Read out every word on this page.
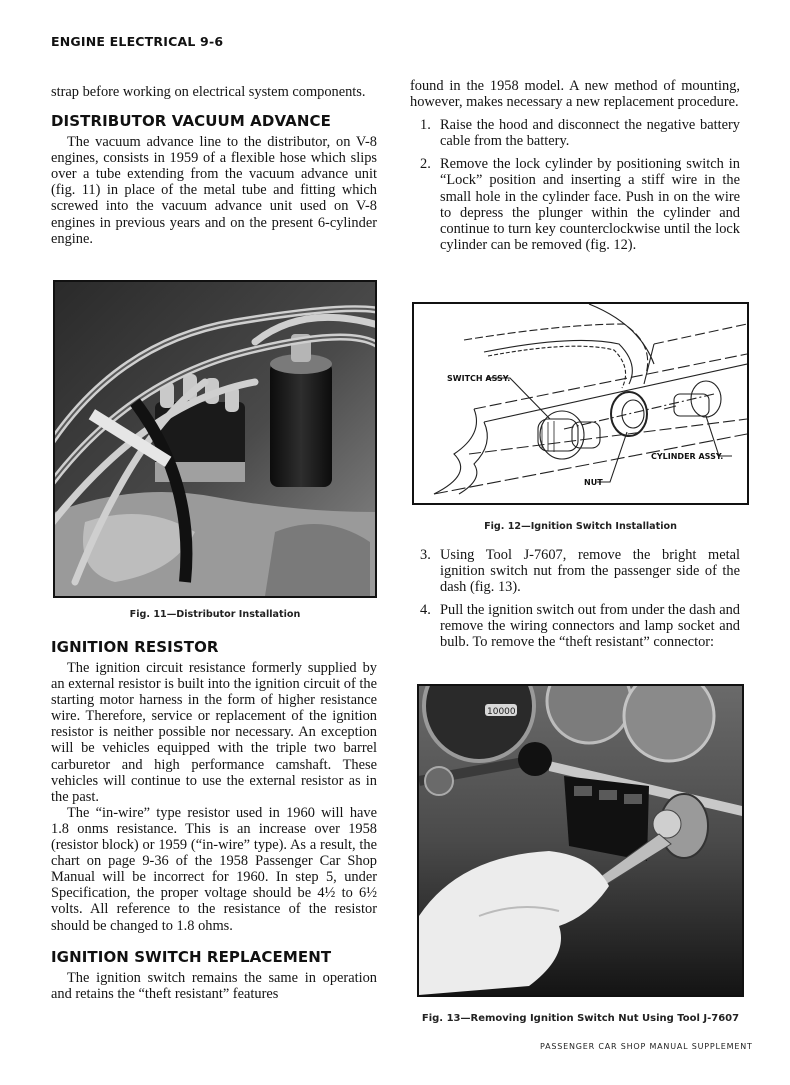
ENGINE ELECTRICAL 9-6

strap before working on electrical system components.

DISTRIBUTOR VACUUM ADVANCE

The vacuum advance line to the distributor, on V-8 engines, consists in 1959 of a flexible hose which slips over a tube extending from the vacuum advance unit (fig. 11) in place of the metal tube and fitting which screwed into the vacuum advance unit used on V-8 engines in previous years and on the present 6-cylinder engine.

Fig. 11—Distributor Installation
IGNITION RESISTOR

The ignition circuit resistance formerly supplied by an external resistor is built into the ignition circuit of the starting motor harness in the form of higher resistance wire. Therefore, service or replacement of the ignition resistor is neither possible nor necessary. An exception will be vehicles equipped with the triple two barrel carburetor and high performance camshaft. These vehicles will continue to use the external resistor as in the past.

The “in-wire” type resistor used in 1960 will have 1.8 onms resistance. This is an increase over 1958 (resistor block) or 1959 (“in-wire” type). As a result, the chart on page 9-36 of the 1958 Passenger Car Shop Manual will be incorrect for 1960. In step 5, under Specification, the proper voltage should be 4½ to 6½ volts. All reference to the resistance of the resistor should be changed to 1.8 ohms.

IGNITION SWITCH REPLACEMENT

The ignition switch remains the same in operation and retains the “theft resistant” features

found in the 1958 model. A new method of mounting, however, makes necessary a new replacement procedure.

1. Raise the hood and disconnect the negative battery cable from the battery.
2. Remove the lock cylinder by positioning switch in “Lock” position and inserting a stiff wire in the small hole in the cylinder face. Push in on the wire to depress the plunger within the cylinder and continue to turn key counterclockwise until the lock cylinder can be removed (fig. 12).
SWITCH ASSY.
NUT
CYLINDER ASSY.
Fig. 12—Ignition Switch Installation
3. Using Tool J-7607, remove the bright metal ignition switch nut from the passenger side of the dash (fig. 13).
4. Pull the ignition switch out from under the dash and remove the wiring connectors and lamp socket and bulb. To remove the “theft resistant” connector:
10000
Fig. 13—Removing Ignition Switch Nut Using Tool J-7607
PASSENGER CAR SHOP MANUAL SUPPLEMENT
